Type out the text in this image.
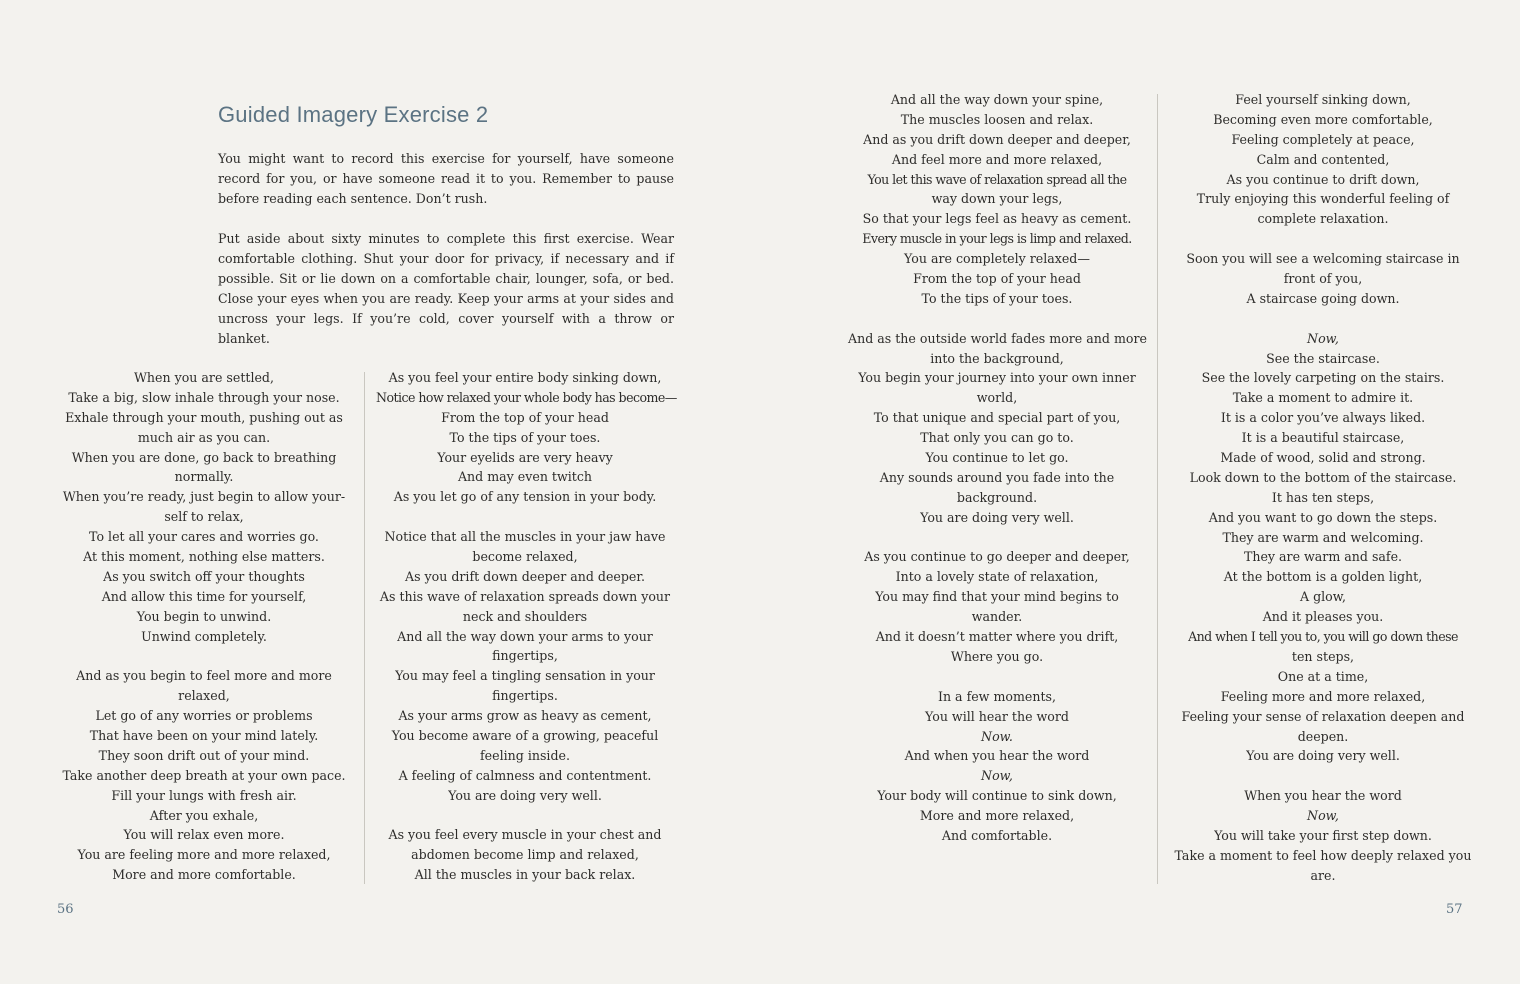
Guided Imagery Exercise 2

You might want to record this exercise for yourself, have someone record for you, or have someone read it to you. Remember to pause before reading each sentence. Don’t rush.

Put aside about sixty minutes to complete this first exercise. Wear comfortable clothing. Shut your door for privacy, if necessary and if possible. Sit or lie down on a comfortable chair, lounger, sofa, or bed. Close your eyes when you are ready. Keep your arms at your sides and uncross your legs. If you’re cold, cover yourself with a throw or blanket.

When you are settled,
Take a big, slow inhale through your nose.
Exhale through your mouth, pushing out as
much air as you can.
When you are done, go back to breathing
normally.
When you’re ready, just begin to allow your-
self to relax,
To let all your cares and worries go.
At this moment, nothing else matters.
As you switch off your thoughts
And allow this time for yourself,
You begin to unwind.
Unwind completely.
And as you begin to feel more and more
relaxed,
Let go of any worries or problems
That have been on your mind lately.
They soon drift out of your mind.
Take another deep breath at your own pace.
Fill your lungs with fresh air.
After you exhale,
You will relax even more.
You are feeling more and more relaxed,
More and more comfortable.
As you feel your entire body sinking down,
Notice how relaxed your whole body has become—
From the top of your head
To the tips of your toes.
Your eyelids are very heavy
And may even twitch
As you let go of any tension in your body.
Notice that all the muscles in your jaw have
become relaxed,
As you drift down deeper and deeper.
As this wave of relaxation spreads down your
neck and shoulders
And all the way down your arms to your
fingertips,
You may feel a tingling sensation in your
fingertips.
As your arms grow as heavy as cement,
You become aware of a growing, peaceful
feeling inside.
A feeling of calmness and contentment.
You are doing very well.
As you feel every muscle in your chest and
abdomen become limp and relaxed,
All the muscles in your back relax.
And all the way down your spine,
The muscles loosen and relax.
And as you drift down deeper and deeper,
And feel more and more relaxed,
You let this wave of relaxation spread all the
way down your legs,
So that your legs feel as heavy as cement.
Every muscle in your legs is limp and relaxed.
You are completely relaxed—
From the top of your head
To the tips of your toes.
And as the outside world fades more and more
into the background,
You begin your journey into your own inner
world,
To that unique and special part of you,
That only you can go to.
You continue to let go.
Any sounds around you fade into the
background.
You are doing very well.
As you continue to go deeper and deeper,
Into a lovely state of relaxation,
You may find that your mind begins to
wander.
And it doesn’t matter where you drift,
Where you go.
In a few moments,
You will hear the word
Now.
And when you hear the word
Now,
Your body will continue to sink down,
More and more relaxed,
And comfortable.
Feel yourself sinking down,
Becoming even more comfortable,
Feeling completely at peace,
Calm and contented,
As you continue to drift down,
Truly enjoying this wonderful feeling of
complete relaxation.
Soon you will see a welcoming staircase in
front of you,
A staircase going down.
Now,
See the staircase.
See the lovely carpeting on the stairs.
Take a moment to admire it.
It is a color you’ve always liked.
It is a beautiful staircase,
Made of wood, solid and strong.
Look down to the bottom of the staircase.
It has ten steps,
And you want to go down the steps.
They are warm and welcoming.
They are warm and safe.
At the bottom is a golden light,
A glow,
And it pleases you.
And when I tell you to, you will go down these
ten steps,
One at a time,
Feeling more and more relaxed,
Feeling your sense of relaxation deepen and
deepen.
You are doing very well.
When you hear the word
Now,
You will take your first step down.
Take a moment to feel how deeply relaxed you
are.
56	57
